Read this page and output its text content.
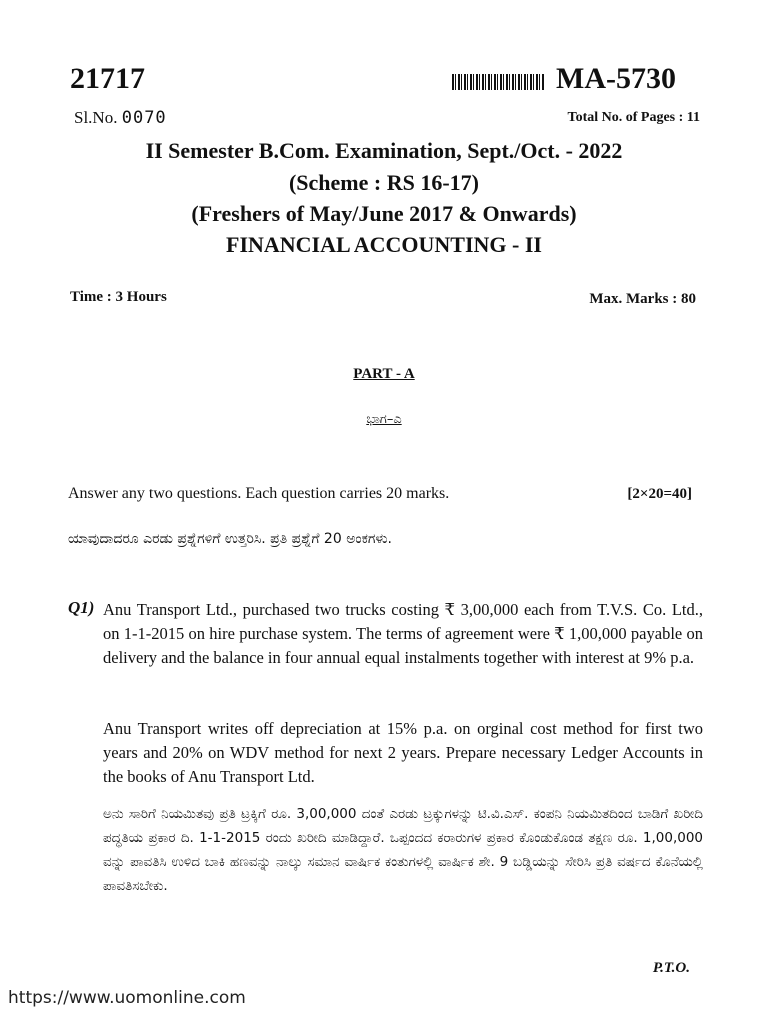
21717	MA-5730
Sl.No. 0070	Total No. of Pages : 11
II Semester B.Com. Examination, Sept./Oct. - 2022
(Scheme : RS 16-17)
(Freshers of May/June 2017 & Onwards)
FINANCIAL ACCOUNTING - II
Time : 3 Hours	Max. Marks : 80
PART - A
ಭಾಗ–ಎ
Answer any two questions. Each question carries 20 marks.	[2×20=40]
ಯಾವುದಾದರೂ ಎರಡು ಪ್ರಶ್ನೆಗಳಿಗೆ ಉತ್ತರಿಸಿ. ಪ್ರತಿ ಪ್ರಶ್ನೆಗೆ 20 ಅಂಕಗಳು.
Q1) Anu Transport Ltd., purchased two trucks costing ₹ 3,00,000 each from T.V.S. Co. Ltd., on 1-1-2015 on hire purchase system. The terms of agreement were ₹ 1,00,000 payable on delivery and the balance in four annual equal instalments together with interest at 9% p.a.
Anu Transport writes off depreciation at 15% p.a. on orginal cost method for first two years and 20% on WDV method for next 2 years. Prepare necessary Ledger Accounts in the books of Anu Transport Ltd.
ಅನು ಸಾರಿಗೆ ನಿಯಮಿತವು ಪ್ರತಿ ಟ್ರಕ್ಕಿಗೆ ರೂ. 3,00,000 ದಂತೆ ಎರಡು ಟ್ರಕ್ಕುಗಳನ್ನು ಟಿ.ವಿ.ಎಸ್. ಕಂಪನಿ ನಿಯಮಿತದಿಂದ ಬಾಡಿಗೆ ಖರೀದಿ ಪದ್ಧತಿಯ ಪ್ರಕಾರ ದಿ. 1-1-2015 ರಂದು ಖರೀದಿ ಮಾಡಿದ್ದಾರೆ. ಒಪ್ಪಂದದ ಕರಾರುಗಳ ಪ್ರಕಾರ ಕೊಂಡುಕೊಂಡ ತಕ್ಷಣ ರೂ. 1,00,000 ವನ್ನು ಪಾವತಿಸಿ ಉಳಿದ ಬಾಕಿ ಹಣವನ್ನು ನಾಲ್ಕು ಸಮಾನ ವಾರ್ಷಿಕ ಕಂತುಗಳಲ್ಲಿ ವಾರ್ಷಿಕ ಶೇ. 9 ಬಡ್ಡಿಯನ್ನು ಸೇರಿಸಿ ಪ್ರತಿ ವರ್ಷದ ಕೊನೆಯಲ್ಲಿ ಪಾವತಿಸಬೇಕು.
P.T.O.
https://www.uomonline.com
